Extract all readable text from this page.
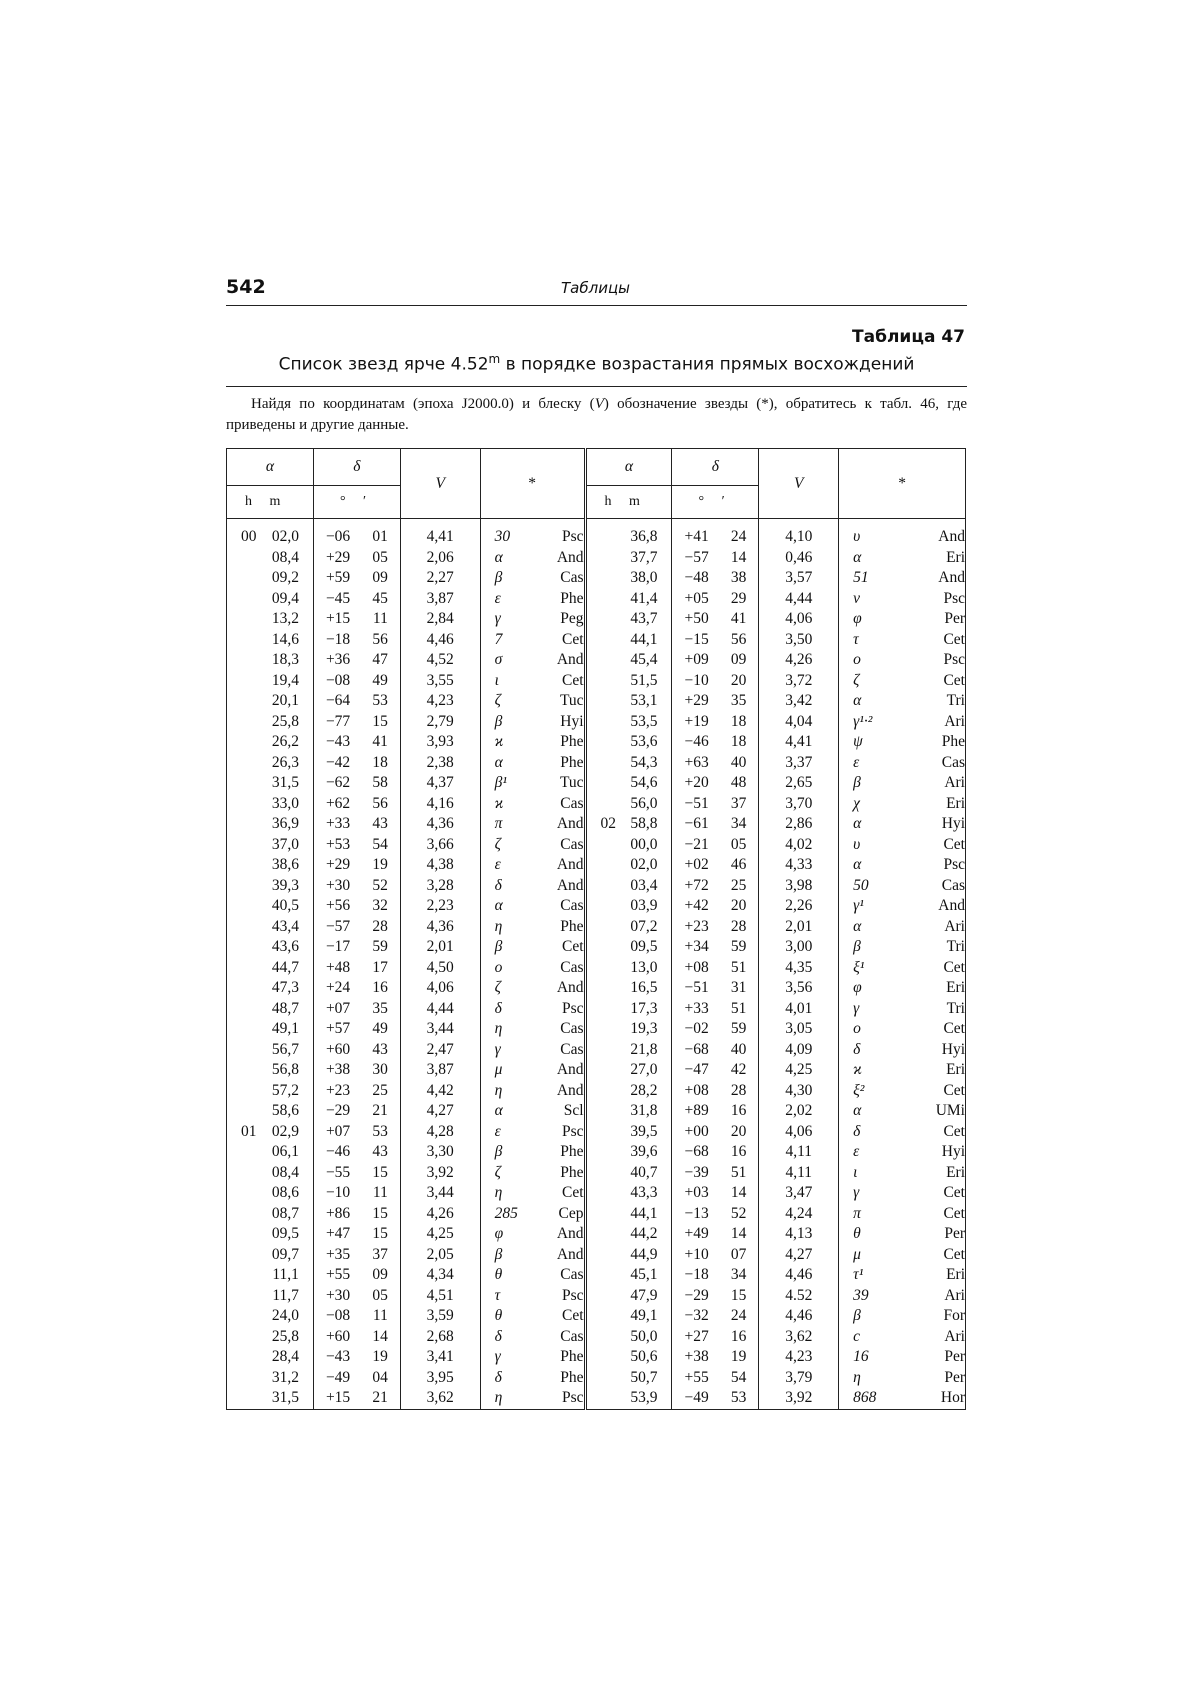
542	Таблицы
Таблица 47
Список звезд ярче 4.52$^m$ в порядке возрастания прямых восхождений
Найдя по координатам (эпоха J2000.0) и блеску (V) обозначение звезды (*), обратитесь к табл. 46, где приведены и другие данные.
α	δ	V	*	α	δ	V	*
h m	° ′			h m	° ′		

00 02,0	−06 01	4,41	30 Psc	36,8	+41 24	4,10	υ And

08,4	+29 05	2,06	α And	37,7	−57 14	0,46	α Eri

09,2	+59 09	2,27	β Cas	38,0	−48 38	3,57	51 And

09,4	−45 45	3,87	ε Phe	41,4	+05 29	4,44	ν Psc

13,2	+15 11	2,84	γ Peg	43,7	+50 41	4,06	φ Per

14,6	−18 56	4,46	7 Cet	44,1	−15 56	3,50	τ Cet

18,3	+36 47	4,52	σ And	45,4	+09 09	4,26	ο Psc

19,4	−08 49	3,55	ι Cet	51,5	−10 20	3,72	ζ Cet

20,1	−64 53	4,23	ζ Tuc	53,1	+29 35	3,42	α Tri

25,8	−77 15	2,79	β Hyi	53,5	+19 18	4,04	γ¹·² Ari

26,2	−43 41	3,93	ϰ Phe	53,6	−46 18	4,41	ψ Phe

26,3	−42 18	2,38	α Phe	54,3	+63 40	3,37	ε Cas

31,5	−62 58	4,37	β¹ Tuc	54,6	+20 48	2,65	β Ari

33,0	+62 56	4,16	ϰ Cas	56,0	−51 37	3,70	χ Eri

36,9	+33 43	4,36	π And	02 58,8	−61 34	2,86	α Hyi

37,0	+53 54	3,66	ζ Cas	00,0	−21 05	4,02	υ Cet

38,6	+29 19	4,38	ε And	02,0	+02 46	4,33	α Psc

39,3	+30 52	3,28	δ And	03,4	+72 25	3,98	50 Cas

40,5	+56 32	2,23	α Cas	03,9	+42 20	2,26	γ¹ And

43,4	−57 28	4,36	η Phe	07,2	+23 28	2,01	α Ari

43,6	−17 59	2,01	β Cet	09,5	+34 59	3,00	β Tri

44,7	+48 17	4,50	ο Cas	13,0	+08 51	4,35	ξ¹ Cet

47,3	+24 16	4,06	ζ And	16,5	−51 31	3,56	φ Eri

48,7	+07 35	4,44	δ Psc	17,3	+33 51	4,01	γ Tri

49,1	+57 49	3,44	η Cas	19,3	−02 59	3,05	ο Cet

56,7	+60 43	2,47	γ Cas	21,8	−68 40	4,09	δ Hyi

56,8	+38 30	3,87	μ And	27,0	−47 42	4,25	ϰ Eri

57,2	+23 25	4,42	η And	28,2	+08 28	4,30	ξ² Cet

58,6	−29 21	4,27	α Scl	31,8	+89 16	2,02	α UMi

01 02,9	+07 53	4,28	ε Psc	39,5	+00 20	4,06	δ Cet

06,1	−46 43	3,30	β Phe	39,6	−68 16	4,11	ε Hyi

08,4	−55 15	3,92	ζ Phe	40,7	−39 51	4,11	ι Eri

08,6	−10 11	3,44	η Cet	43,3	+03 14	3,47	γ Cet

08,7	+86 15	4,26	285 Cep	44,1	−13 52	4,24	π Cet

09,5	+47 15	4,25	φ And	44,2	+49 14	4,13	θ Per

09,7	+35 37	2,05	β And	44,9	+10 07	4,27	μ Cet

11,1	+55 09	4,34	θ Cas	45,1	−18 34	4,46	τ¹ Eri

11,7	+30 05	4,51	τ Psc	47,9	−29 15	4.52	39 Ari

24,0	−08 11	3,59	θ Cet	49,1	−32 24	4,46	β For

25,8	+60 14	2,68	δ Cas	50,0	+27 16	3,62	c Ari

28,4	−43 19	3,41	γ Phe	50,6	+38 19	4,23	16 Per

31,2	−49 04	3,95	δ Phe	50,7	+55 54	3,79	η Per

31,5	+15 21	3,62	η Psc	53,9	−49 53	3,92	868 Hor
